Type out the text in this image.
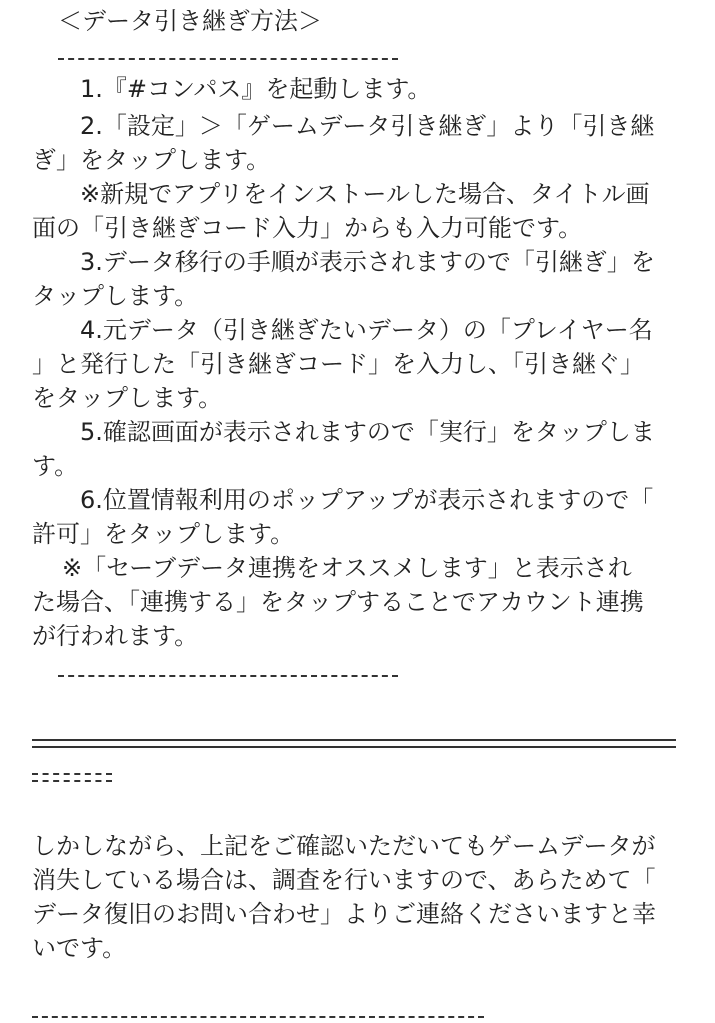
＜データ引き継ぎ方法＞
1.『#コンパス』を起動します。
2.「設定」＞「ゲームデータ引き継ぎ」より「引き継
ぎ」をタップします。
※新規でアプリをインストールした場合、タイトル画
面の「引き継ぎコード入力」からも入力可能です。
3.データ移行の手順が表示されますので「引継ぎ」を
タップします。
4.元データ（引き継ぎたいデータ）の「プレイヤー名
」と発行した「引き継ぎコード」を入力し、「引き継ぐ」
をタップします。
5.確認画面が表示されますので「実行」をタップしま
す。
6.位置情報利用のポップアップが表示されますので「
許可」をタップします。
※「セーブデータ連携をオススメします」と表示され
た場合、「連携する」をタップすることでアカウント連携
が行われます。
しかしながら、上記をご確認いただいてもゲームデータが
消失している場合は、調査を行いますので、あらためて「
データ復旧のお問い合わせ」よりご連絡くださいますと幸
いです。
